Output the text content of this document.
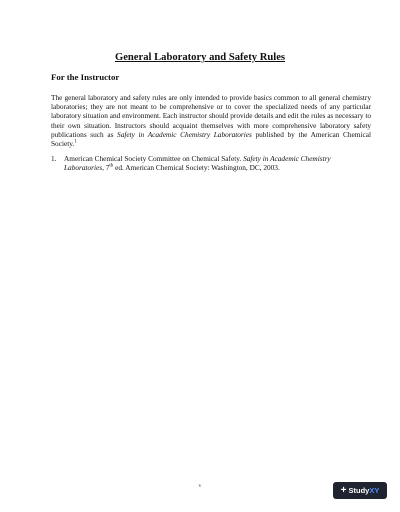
General Laboratory and Safety Rules
For the Instructor

The general laboratory and safety rules are only intended to provide basics common to all general chemistry laboratories; they are not meant to be comprehensive or to cover the specialized needs of any particular laboratory situation and environment. Each instructor should provide details and edit the rules as necessary to their own situation. Instructors should acquaint themselves with more comprehensive laboratory safety publications such as Safety in Academic Chemistry Laboratories published by the American Chemical Society.$^1$

1. American Chemical Society Committee on Chemical Safety. Safety in Academic Chemistry Laboratories, 7th ed. American Chemical Society: Washington, DC, 2003.
v	+ Study XY
